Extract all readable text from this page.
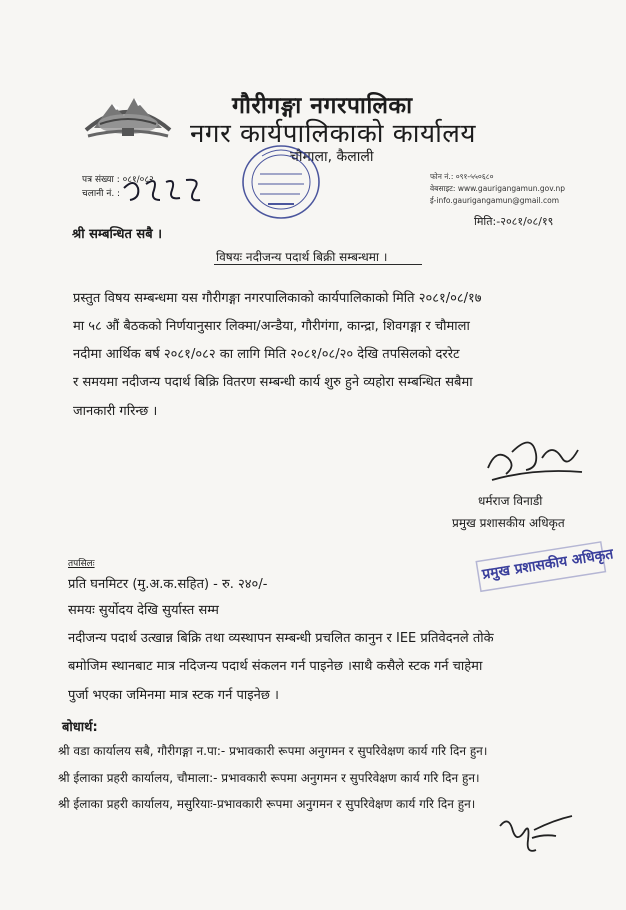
गौरीगङ्गा नगरपालिका
नगर कार्यपालिकाको कार्यालय
चौमाला, कैलाली
पत्र संख्या : ०८१/०८२
चलानी नं. :
फोन नं.: ०९१-५५०६८०
वेबसाइट: www.gaurigangamun.gov.np
ई-info.gaurigangamun@gmail.com
श्री सम्बन्धित सबै ।
मिति:-२०८१/०८/१९
विषयः नदीजन्य पदार्थ बिक्री सम्बन्धमा ।
प्रस्तुत विषय सम्बन्धमा यस गौरीगङ्गा नगरपालिकाको कार्यपालिकाको मिति २०८१/०८/१७
मा ५८ औं बैठकको निर्णयानुसार लिक्मा/अन्डैया, गौरीगंगा, कान्द्रा, शिवगङ्गा र चौमाला
नदीमा आर्थिक बर्ष २०८१/०८२ का लागि मिति २०८१/०८/२० देखि तपसिलको दररेट
र समयमा नदीजन्य पदार्थ बिक्रि वितरण सम्बन्धी कार्य शुरु हुने व्यहोरा सम्बन्धित सबैमा
जानकारी गरिन्छ ।
धर्मराज विनाडी
प्रमुख प्रशासकीय अधिकृत
प्रमुख प्रशासकीय अधिकृत
तपसिलः
प्रति घनमिटर (मु.अ.क.सहित) - रु. २४०/-
समयः सुर्योदय देखि सुर्यास्त सम्म
नदीजन्य पदार्थ उत्खान्न बिक्रि तथा व्यस्थापन सम्बन्धी प्रचलित कानुन र IEE प्रतिवेदनले तोके
बमोजिम स्थानबाट मात्र नदिजन्य पदार्थ संकलन गर्न पाइनेछ ।साथै कसैले स्टक गर्न चाहेमा
पुर्जा भएका जमिनमा मात्र स्टक गर्न पाइनेछ ।
बोधार्थ:
श्री वडा कार्यालय सबै, गौरीगङ्गा न.पा:- प्रभावकारी रूपमा अनुगमन र सुपरिवेक्षण कार्य गरि दिन हुन।
श्री ईलाका प्रहरी कार्यालय, चौमाला:- प्रभावकारी रूपमा अनुगमन र सुपरिवेक्षण कार्य गरि दिन हुन।
श्री ईलाका प्रहरी कार्यालय, मसुरियाः-प्रभावकारी रूपमा अनुगमन र सुपरिवेक्षण कार्य गरि दिन हुन।
